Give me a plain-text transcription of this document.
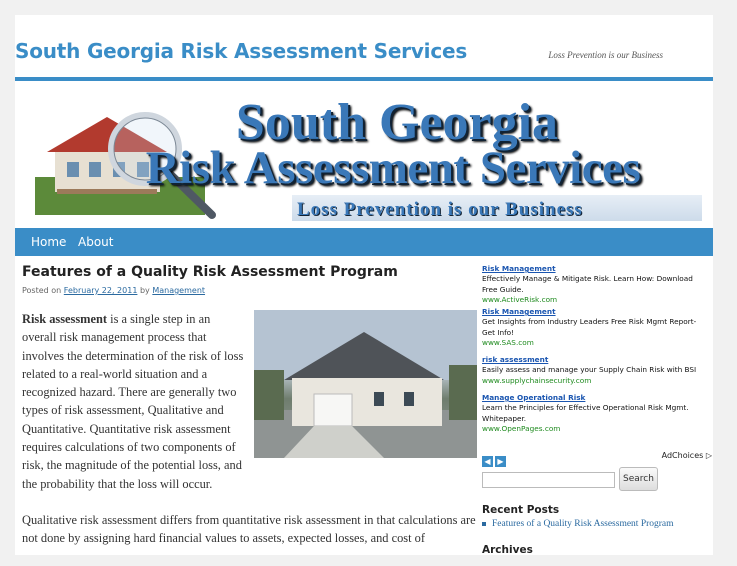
South Georgia Risk Assessment Services	Loss Prevention is our Business
South Georgia
Risk Assessment Services
Loss Prevention is our Business
Home About
Features of a Quality Risk Assessment Program
Posted on February 22, 2011 by Management

Risk assessment is a single step in an overall risk management process that involves the determination of the risk of loss related to a real-world situation and a recognized hazard. There are generally two types of risk assessment, Qualitative and Quantitative. Quantitative risk assessment requires calculations of two components of risk, the magnitude of the potential loss, and the probability that the loss will occur.

Qualitative risk assessment differs from quantitative risk assessment in that calculations are not done by assigning hard financial values to assets, expected losses, and cost of

Risk Management
Effectively Manage & Mitigate Risk. Learn How: Download Free Guide.
www.ActiveRisk.com
Risk Management
Get Insights from Industry Leaders Free Risk Mgmt Report- Get Info!
www.SAS.com
risk assessment
Easily assess and manage your Supply Chain Risk with BSI
www.supplychainsecurity.com
Manage Operational Risk
Learn the Principles for Effective Operational Risk Mgmt. Whitepaper.
www.OpenPages.com
◀ ▶
AdChoices ▷
Search
Recent Posts
Features of a Quality Risk Assessment Program
Archives
